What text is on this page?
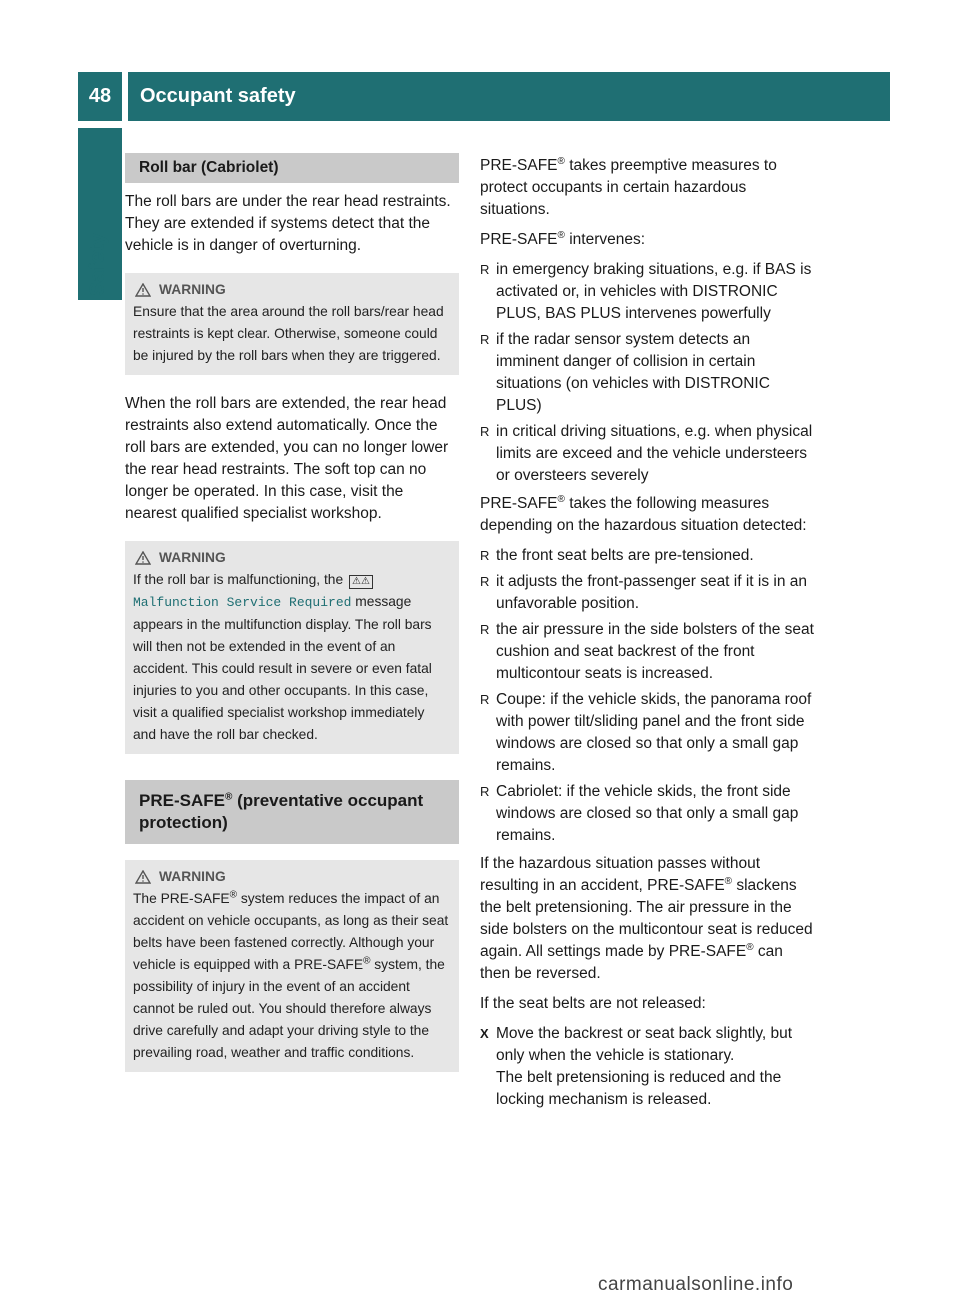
48	Occupant safety
Safety
Roll bar (Cabriolet)

The roll bars are under the rear head restraints. They are extended if systems detect that the vehicle is in danger of overturning.

WARNING
Ensure that the area around the roll bars/rear head restraints is kept clear. Otherwise, someone could be injured by the roll bars when they are triggered.

When the roll bars are extended, the rear head restraints also extend automatically. Once the roll bars are extended, you can no longer lower the rear head restraints. The soft top can no longer be operated. In this case, visit the nearest qualified specialist workshop.

WARNING
If the roll bar is malfunctioning, the ⚠⚠
Malfunction Service Required message appears in the multifunction display. The roll bars will then not be extended in the event of an accident. This could result in severe or even fatal injuries to you and other occupants. In this case, visit a qualified specialist workshop immediately and have the roll bar checked.
PRE-SAFE® (preventative occupant protection)
WARNING
The PRE-SAFE® system reduces the impact of an accident on vehicle occupants, as long as their seat belts have been fastened correctly. Although your vehicle is equipped with a PRE-SAFE® system, the possibility of injury in the event of an accident cannot be ruled out. You should therefore always drive carefully and adapt your driving style to the prevailing road, weather and traffic conditions.

PRE-SAFE® takes preemptive measures to protect occupants in certain hazardous situations.

PRE-SAFE® intervenes:

R in emergency braking situations, e.g. if BAS is activated or, in vehicles with DISTRONIC PLUS, BAS PLUS intervenes powerfully
R if the radar sensor system detects an imminent danger of collision in certain situations (on vehicles with DISTRONIC PLUS)
R in critical driving situations, e.g. when physical limits are exceed and the vehicle understeers or oversteers severely

PRE-SAFE® takes the following measures depending on the hazardous situation detected:

R the front seat belts are pre-tensioned.
R it adjusts the front-passenger seat if it is in an unfavorable position.
R the air pressure in the side bolsters of the seat cushion and seat backrest of the front multicontour seats is increased.
R Coupe: if the vehicle skids, the panorama roof with power tilt/sliding panel and the front side windows are closed so that only a small gap remains.
R Cabriolet: if the vehicle skids, the front side windows are closed so that only a small gap remains.

If the hazardous situation passes without resulting in an accident, PRE-SAFE® slackens the belt pretensioning. The air pressure in the side bolsters on the multicontour seat is reduced again. All settings made by PRE-SAFE® can then be reversed.

If the seat belts are not released:

X Move the backrest or seat back slightly, but only when the vehicle is stationary.
The belt pretensioning is reduced and the locking mechanism is released.
carmanualsonline.info
